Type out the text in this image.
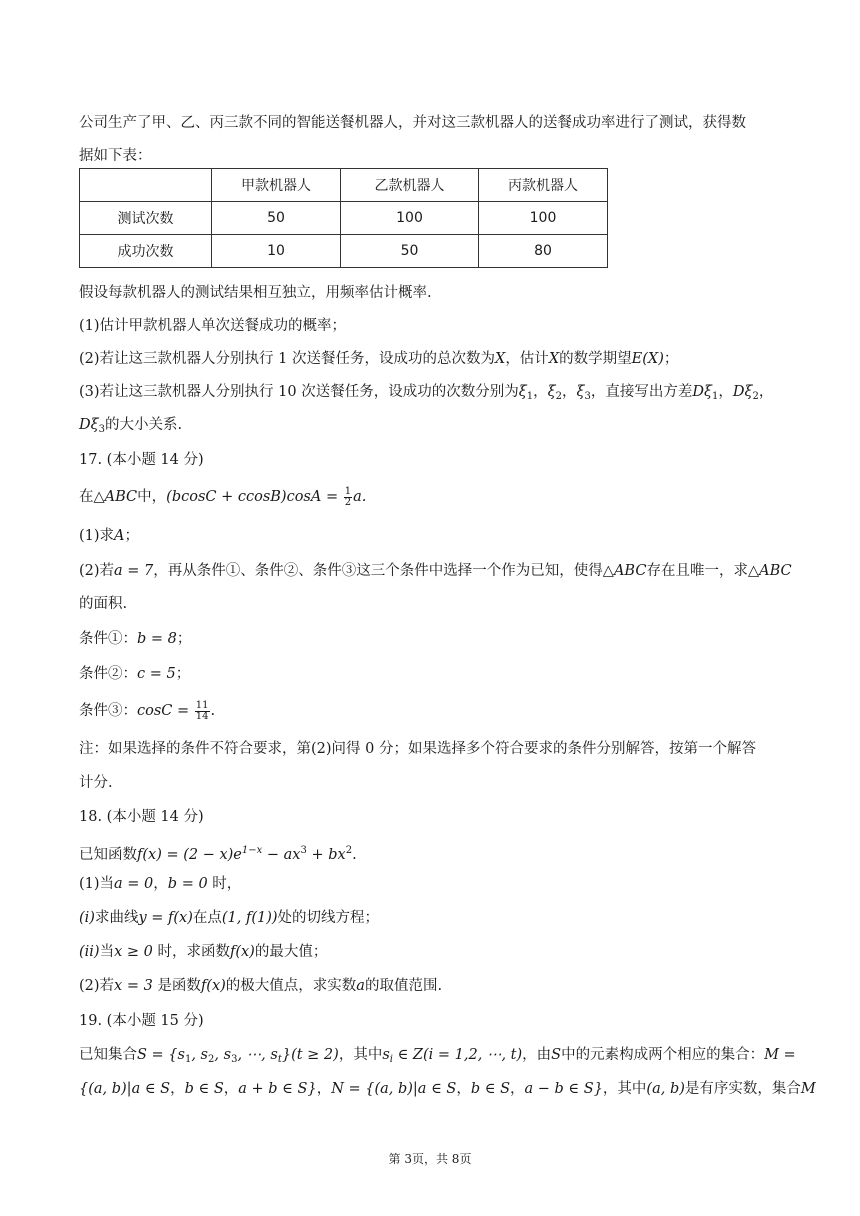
公司生产了甲、乙、丙三款不同的智能送餐机器人，并对这三款机器人的送餐成功率进行了测试，获得数
据如下表：
	甲款机器人	乙款机器人	丙款机器人
测试次数	50	100	100
成功次数	10	50	80
假设每款机器人的测试结果相互独立，用频率估计概率.
(1)估计甲款机器人单次送餐成功的概率；
(2)若让这三款机器人分别执行 1 次送餐任务，设成功的总次数为X，估计X的数学期望E(X)；
(3)若让这三款机器人分别执行 10 次送餐任务，设成功的次数分别为$\xi_1$，$\xi_2$，$\xi_3$，直接写出方差$D\xi_1$，$D\xi_2$，
$D\xi_3$的大小关系.
17. (本小题 14 分)
在△ABC中，$(bcosC + ccosB)\cos A = \frac{1}{2} a$.
(1)求A；
(2)若a = 7，再从条件①、条件②、条件③这三个条件中选择一个作为已知，使得△ABC存在且唯一，求△ABC
的面积.
条件①：b = 8；
条件②：c = 5；
条件③：$\cos C = \frac{11}{14}$ .
注：如果选择的条件不符合要求，第(2)问得 0 分；如果选择多个符合要求的条件分别解答，按第一个解答
计分.
18. (本小题 14 分)
已知函数$f(x) = (2 - x)e^{1-x} - ax^3 + bx^2$.
(1)当a = 0，b = 0 时，
(i)求曲线y = f(x)在点(1, f(1))处的切线方程；
(ii)当x ≥ 0 时，求函数f(x)的最大值；
(2)若x = 3 是函数f(x)的极大值点，求实数a的取值范围.
19. (本小题 15 分)
已知集合$S = \{s_1$, $s_2$, $s_3$, ⋯, $s_t\}(t \ge 2)$，其中$s_i$ ∈ Z(i = 1,2, ⋯, t)，由S中的元素构成两个相应的集合：M =
{(a, b)|a ∈ S，b ∈ S，a + b ∈ S}，N = {(a, b)|a ∈ S，b ∈ S，a − b ∈ S}，其中(a, b)是有序实数，集合M
第 3页，共 8页
